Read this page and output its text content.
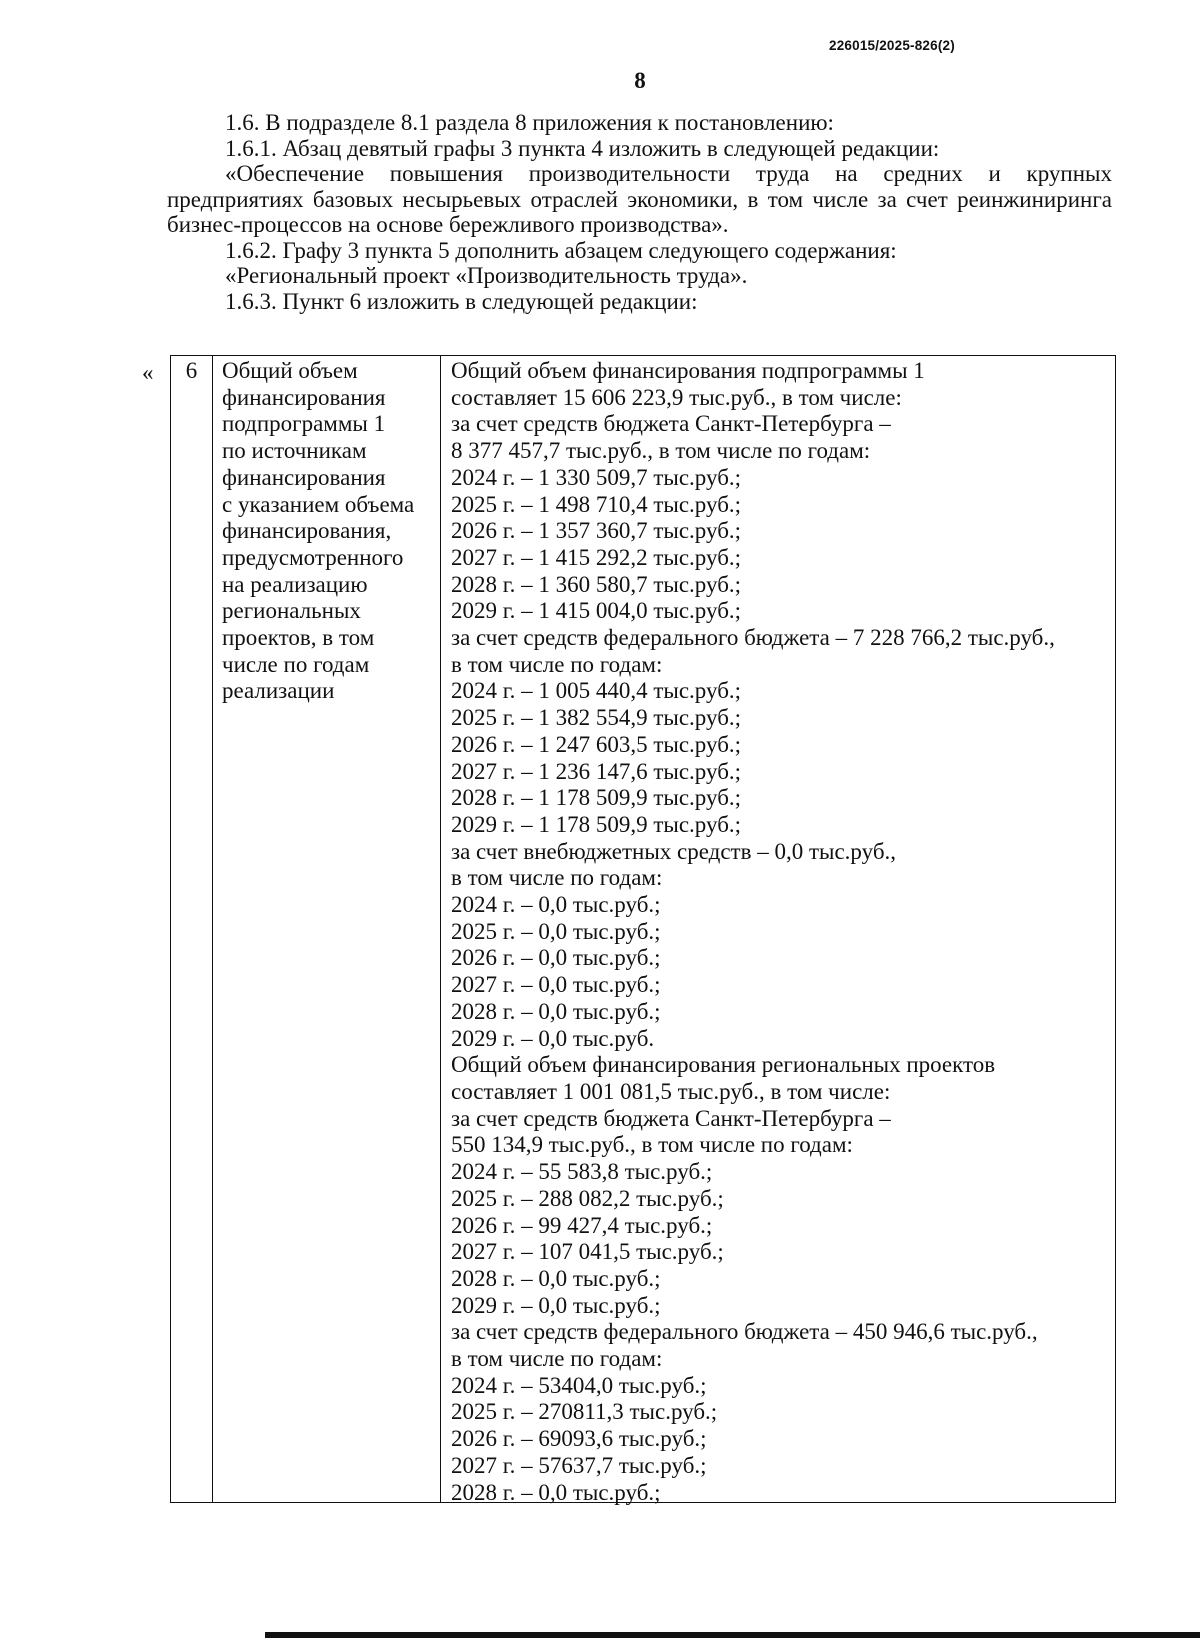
226015/2025-826(2)
8

1.6. В подразделе 8.1 раздела 8 приложения к постановлению:

1.6.1. Абзац девятый графы 3 пункта 4 изложить в следующей редакции:

«Обеспечение повышения производительности труда на средних и крупных предприятиях базовых несырьевых отраслей экономики, в том числе за счет реинжиниринга бизнес-процессов на основе бережливого производства».

1.6.2. Графу 3 пункта 5 дополнить абзацем следующего содержания:

«Региональный проект «Производительность труда».

1.6.3. Пункт 6 изложить в следующей редакции:

«	6	Общий объем
финансирования
подпрограммы 1
по источникам
финансирования
с указанием объема
финансирования,
предусмотренного
на реализацию
региональных
проектов, в том
числе по годам
реализации
Общий объем финансирования подпрограммы 1
составляет 15 606 223,9 тыс.руб., в том числе:
за счет средств бюджета Санкт-Петербурга –
8 377 457,7 тыс.руб., в том числе по годам:
2024 г. – 1 330 509,7 тыс.руб.;
2025 г. – 1 498 710,4 тыс.руб.;
2026 г. – 1 357 360,7 тыс.руб.;
2027 г. – 1 415 292,2 тыс.руб.;
2028 г. – 1 360 580,7 тыс.руб.;
2029 г. – 1 415 004,0 тыс.руб.;
за счет средств федерального бюджета – 7 228 766,2 тыс.руб.,
в том числе по годам:
2024 г. – 1 005 440,4 тыс.руб.;
2025 г. – 1 382 554,9 тыс.руб.;
2026 г. – 1 247 603,5 тыс.руб.;
2027 г. – 1 236 147,6 тыс.руб.;
2028 г. – 1 178 509,9 тыс.руб.;
2029 г. – 1 178 509,9 тыс.руб.;
за счет внебюджетных средств – 0,0 тыс.руб.,
в том числе по годам:
2024 г. – 0,0 тыс.руб.;
2025 г. – 0,0 тыс.руб.;
2026 г. – 0,0 тыс.руб.;
2027 г. – 0,0 тыс.руб.;
2028 г. – 0,0 тыс.руб.;
2029 г. – 0,0 тыс.руб.
Общий объем финансирования региональных проектов
составляет 1 001 081,5 тыс.руб., в том числе:
за счет средств бюджета Санкт-Петербурга –
550 134,9 тыс.руб., в том числе по годам:
2024 г. – 55 583,8 тыс.руб.;
2025 г. – 288 082,2 тыс.руб.;
2026 г. – 99 427,4 тыс.руб.;
2027 г. – 107 041,5 тыс.руб.;
2028 г. – 0,0 тыс.руб.;
2029 г. – 0,0 тыс.руб.;
за счет средств федерального бюджета – 450 946,6 тыс.руб.,
в том числе по годам:
2024 г. – 53404,0 тыс.руб.;
2025 г. – 270811,3 тыс.руб.;
2026 г. – 69093,6 тыс.руб.;
2027 г. – 57637,7 тыс.руб.;
2028 г. – 0,0 тыс.руб.;
